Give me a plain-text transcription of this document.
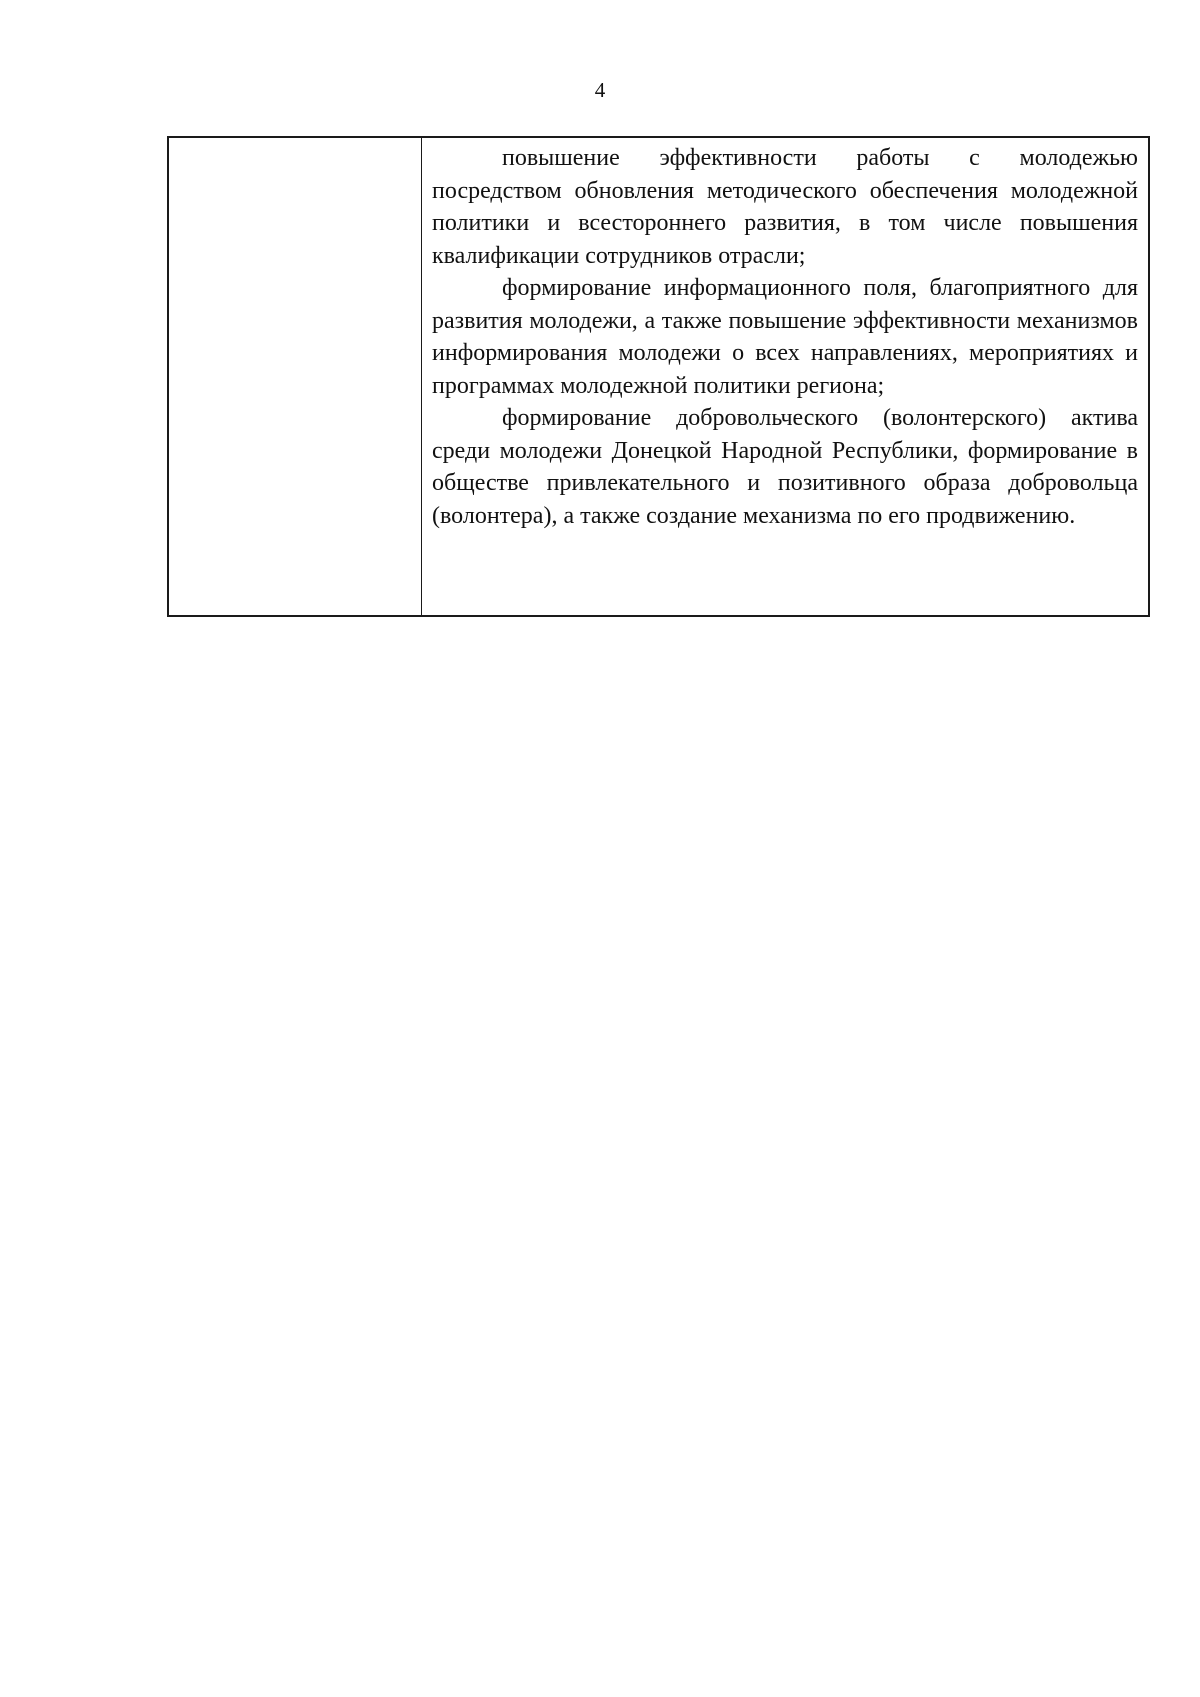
4

повышение эффективности работы с молодежью посредством обновления методического обеспечения молодежной политики и всестороннего развития, в том числе повышения квалификации сотрудников отрасли;

формирование информационного поля, благоприятного для развития молодежи, а также повышение эффективности механизмов информирования молодежи о всех направлениях, мероприятиях и программах молодежной политики региона;

формирование добровольческого (волонтерского) актива среди молодежи Донецкой Народной Республики, формирование в обществе привлекательного и позитивного образа добровольца (волонтера), а также создание механизма по его продвижению.
